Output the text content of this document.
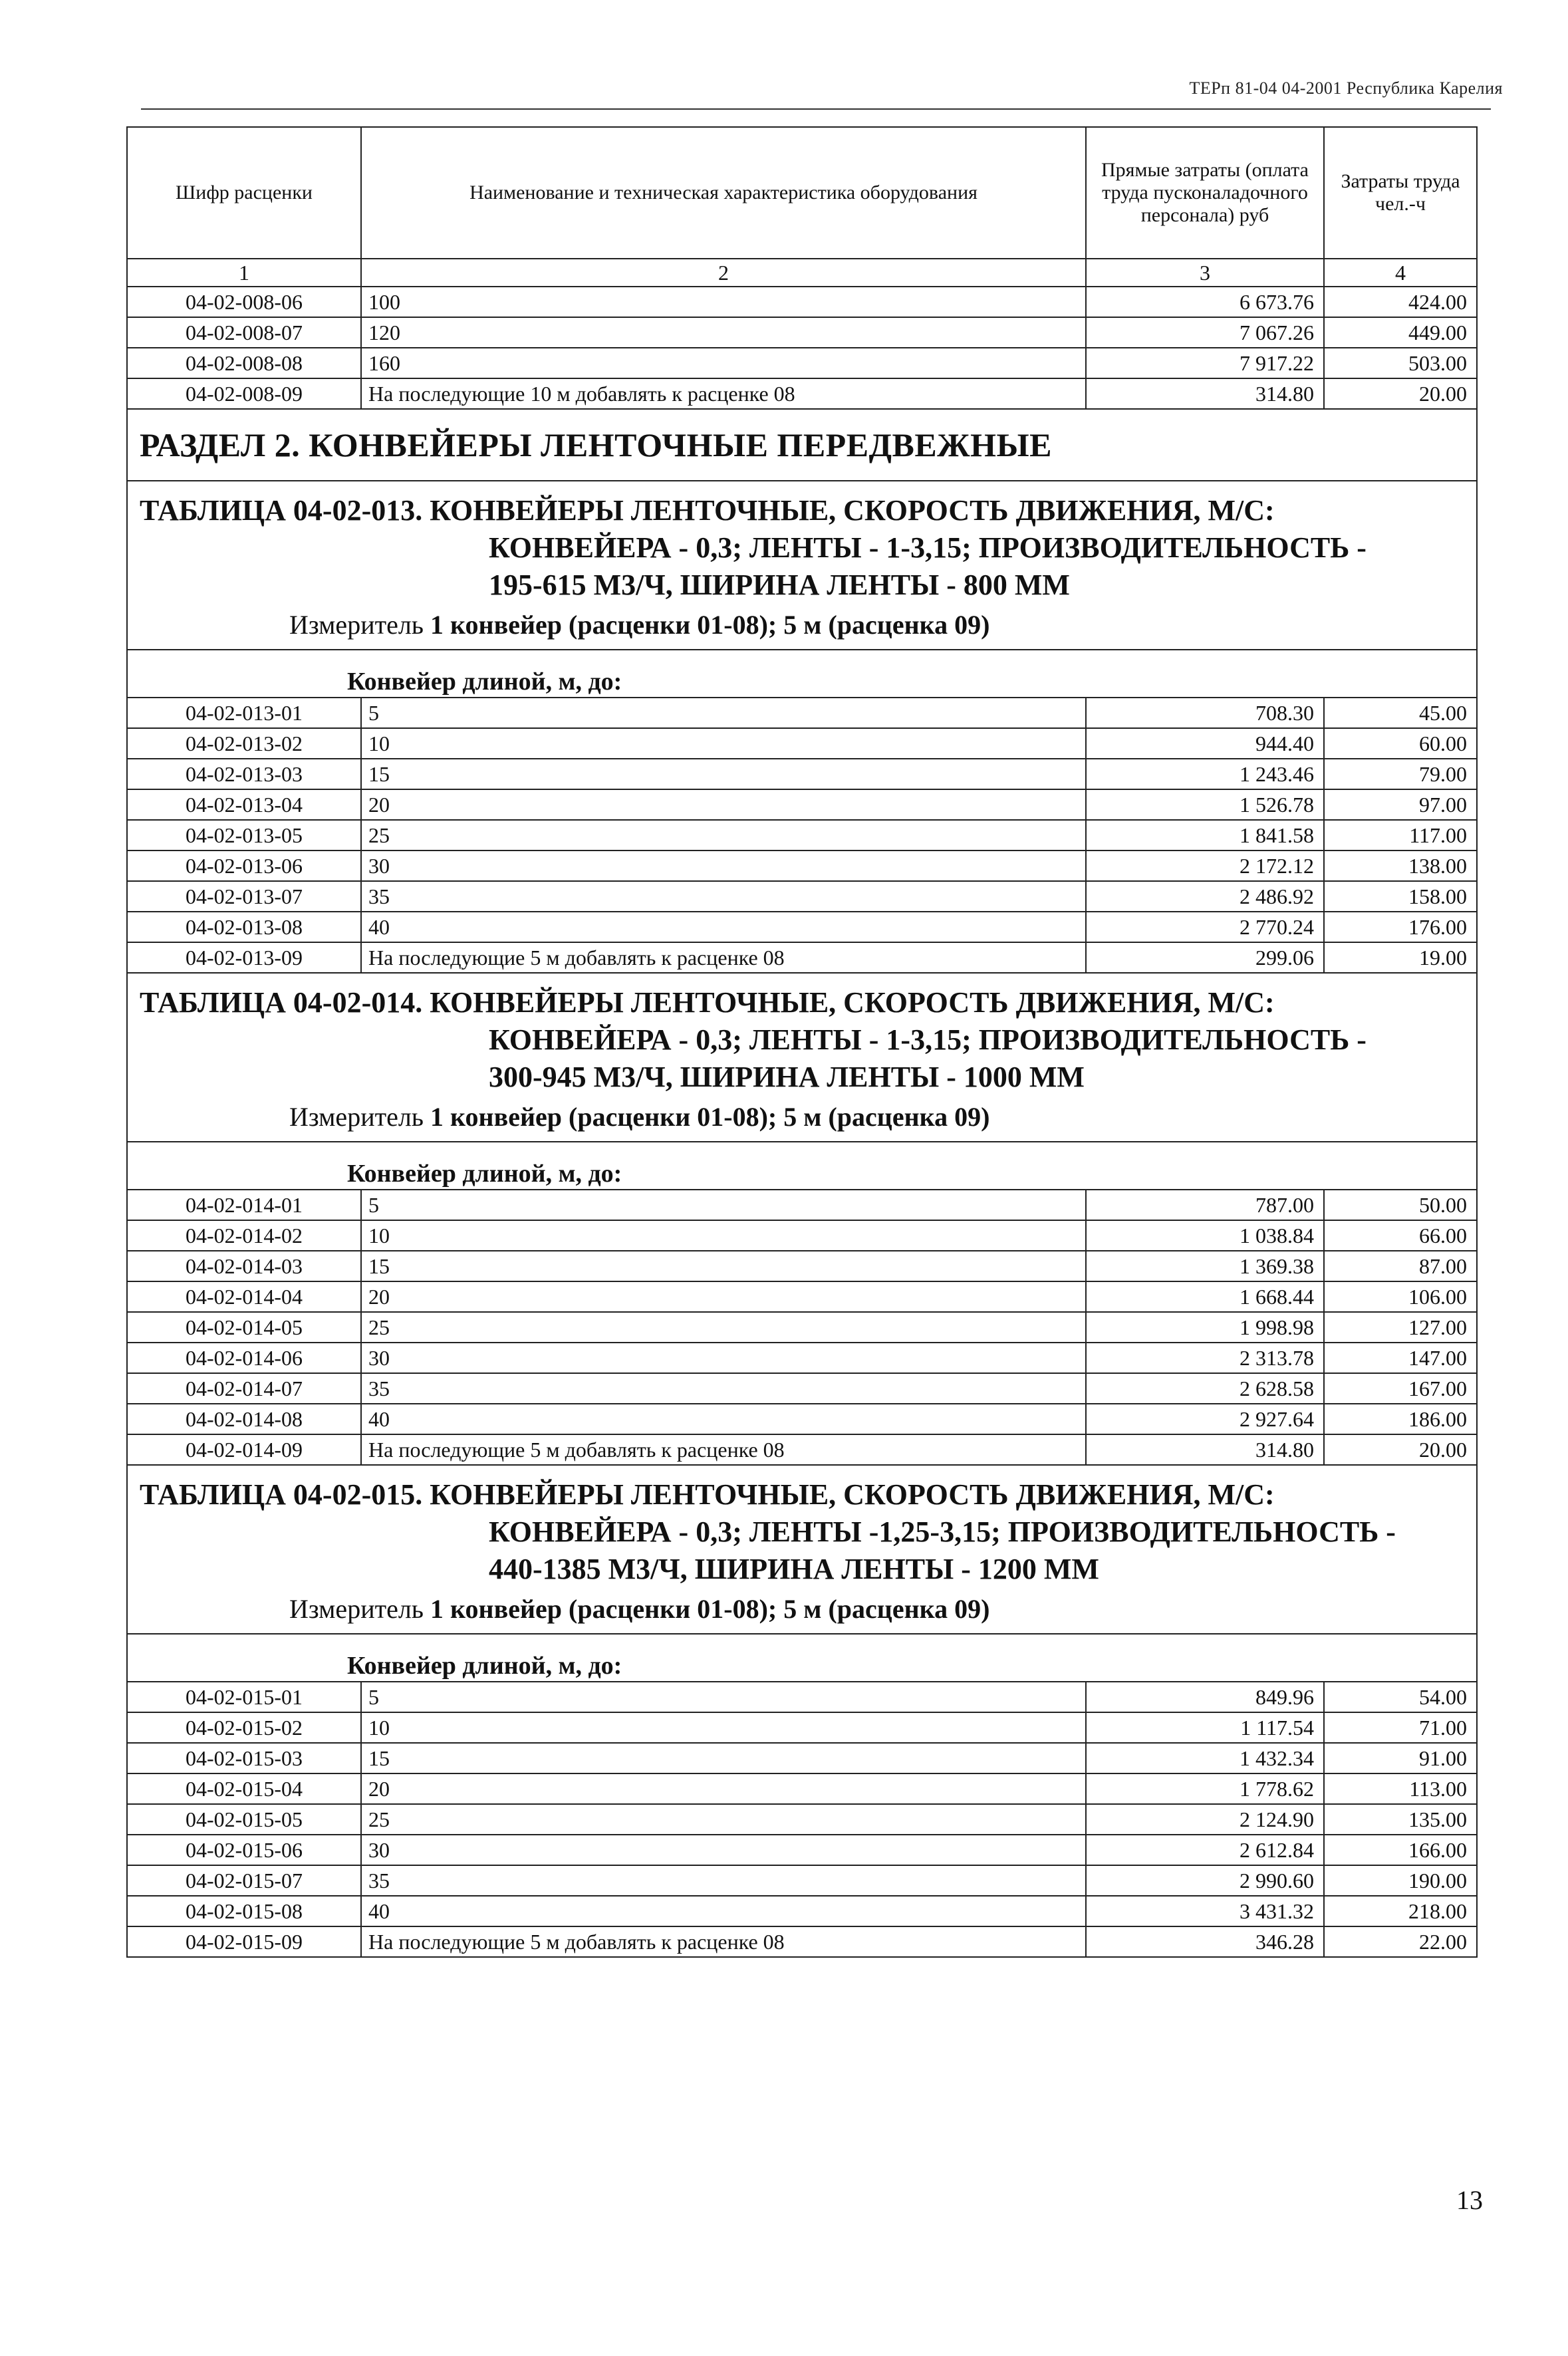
ТЕРп 81-04 04-2001 Республика Карелия
Шифр расценки	Наименование и техническая характеристика оборудования	Прямые затраты (оплата труда пусконаладочного персонала) руб	Затраты труда чел.-ч
1	2	3	4
04-02-008-06	100	6 673.76	424.00
04-02-008-07	120	7 067.26	449.00
04-02-008-08	160	7 917.22	503.00
04-02-008-09	На последующие 10 м добавлять к расценке 08	314.80	20.00
РАЗДЕЛ 2. КОНВЕЙЕРЫ ЛЕНТОЧНЫЕ ПЕРЕДВЕЖНЫЕ			

ТАБЛИЦА 04-02-013. КОНВЕЙЕРЫ ЛЕНТОЧНЫЕ, СКОРОСТЬ ДВИЖЕНИЯ, М/С:
КОНВЕЙЕРА - 0,3; ЛЕНТЫ - 1-3,15; ПРОИЗВОДИТЕЛЬНОСТЬ -
195-615 М3/Ч, ШИРИНА ЛЕНТЫ - 800 ММ
Измеритель 1 конвейер (расценки 01-08); 5 м (расценка 09)			

Конвейер длиной, м, до:			
04-02-013-01	5	708.30	45.00
04-02-013-02	10	944.40	60.00
04-02-013-03	15	1 243.46	79.00
04-02-013-04	20	1 526.78	97.00
04-02-013-05	25	1 841.58	117.00
04-02-013-06	30	2 172.12	138.00
04-02-013-07	35	2 486.92	158.00
04-02-013-08	40	2 770.24	176.00
04-02-013-09	На последующие 5 м добавлять к расценке 08	299.06	19.00

ТАБЛИЦА 04-02-014. КОНВЕЙЕРЫ ЛЕНТОЧНЫЕ, СКОРОСТЬ ДВИЖЕНИЯ, М/С:
КОНВЕЙЕРА - 0,3; ЛЕНТЫ - 1-3,15; ПРОИЗВОДИТЕЛЬНОСТЬ -
300-945 М3/Ч, ШИРИНА ЛЕНТЫ - 1000 ММ
Измеритель 1 конвейер (расценки 01-08); 5 м (расценка 09)			

Конвейер длиной, м, до:			
04-02-014-01	5	787.00	50.00
04-02-014-02	10	1 038.84	66.00
04-02-014-03	15	1 369.38	87.00
04-02-014-04	20	1 668.44	106.00
04-02-014-05	25	1 998.98	127.00
04-02-014-06	30	2 313.78	147.00
04-02-014-07	35	2 628.58	167.00
04-02-014-08	40	2 927.64	186.00
04-02-014-09	На последующие 5 м добавлять к расценке 08	314.80	20.00

ТАБЛИЦА 04-02-015. КОНВЕЙЕРЫ ЛЕНТОЧНЫЕ, СКОРОСТЬ ДВИЖЕНИЯ, М/С:
КОНВЕЙЕРА - 0,3; ЛЕНТЫ -1,25-3,15; ПРОИЗВОДИТЕЛЬНОСТЬ -
440-1385 М3/Ч, ШИРИНА ЛЕНТЫ - 1200 ММ
Измеритель 1 конвейер (расценки 01-08); 5 м (расценка 09)			

Конвейер длиной, м, до:			
04-02-015-01	5	849.96	54.00
04-02-015-02	10	1 117.54	71.00
04-02-015-03	15	1 432.34	91.00
04-02-015-04	20	1 778.62	113.00
04-02-015-05	25	2 124.90	135.00
04-02-015-06	30	2 612.84	166.00
04-02-015-07	35	2 990.60	190.00
04-02-015-08	40	3 431.32	218.00
04-02-015-09	На последующие 5 м добавлять к расценке 08	346.28	22.00
13
